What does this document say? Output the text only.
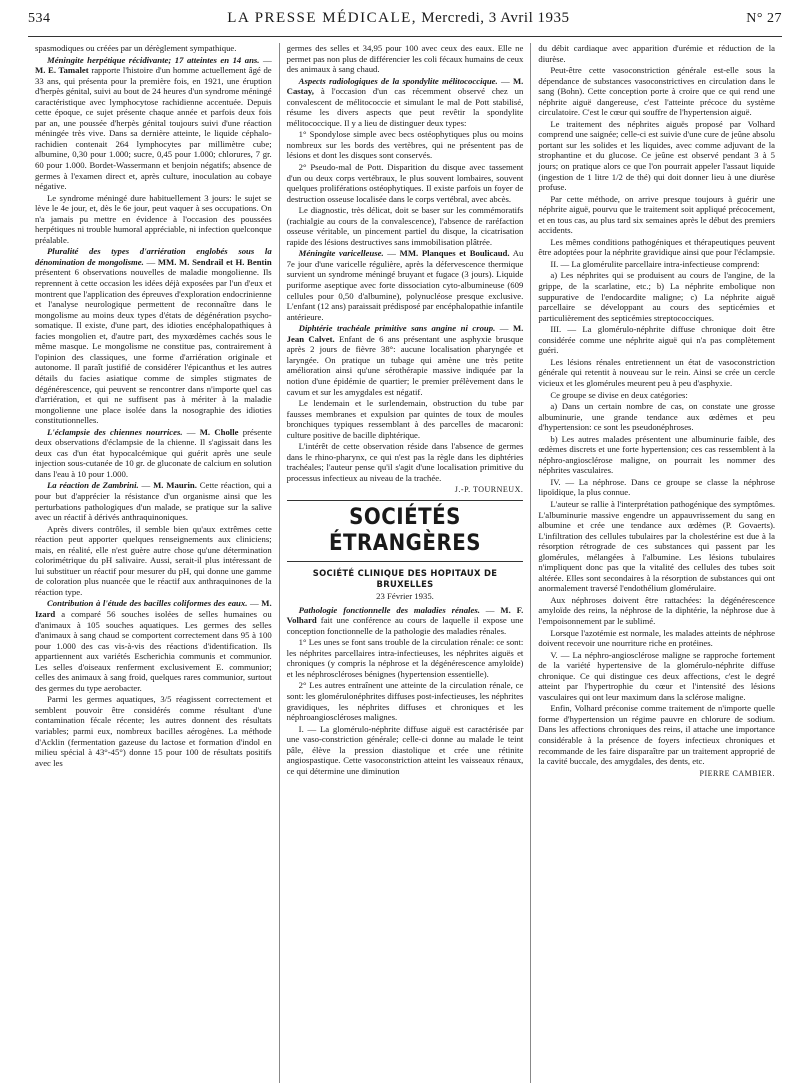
534	LA PRESSE MÉDICALE, Mercredi, 3 Avril 1935	N° 27

spasmodiques ou créées par un dérèglement sympathique.

Méningite herpétique récidivante; 17 atteintes en 14 ans. — M. E. Tamalet rapporte l'histoire d'un homme actuellement âgé de 33 ans, qui présenta pour la première fois, en 1921, une éruption d'herpès génital, suivi au bout de 24 heures d'un syndrome méningé caractéristique avec lymphocytose rachidienne accentuée. Depuis cette époque, ce sujet présente chaque année et parfois deux fois par an, une poussée d'herpès génital toujours suivi d'une réaction méningée très vive. Dans sa dernière atteinte, le liquide céphalo-rachidien contenait 264 lymphocytes par millimètre cube; albumine, 0,30 pour 1.000; sucre, 0,45 pour 1.000; chlorures, 7 gr. 60 pour 1.000. Bordet-Wassermann et benjoin négatifs; absence de germes à l'examen direct et, après culture, inoculation au cobaye négative.

Le syndrome méningé dure habituellement 3 jours: le sujet se lève le 4e jour, et, dès le 6e jour, peut vaquer à ses occupations. On n'a jamais pu mettre en évidence à l'occasion des poussées herpétiques ni trouble humoral appréciable, ni infection quelconque préalable.

Pluralité des types d'arriération englobés sous la dénomination de mongolisme. — MM. M. Sendrail et H. Bentin présentent 6 observations nouvelles de maladie mongolienne. Ils reprennent à cette occasion les idées déjà exposées par l'un d'eux et montrent que l'application des épreuves d'exploration endocrinienne et l'analyse neurologique permettent de reconnaître dans le mongolisme au moins deux types d'états de dégénération psycho-somatique. Il existe, d'une part, des idioties encéphalopathiques à facies mongolien et, d'autre part, des myxœdèmes cachés sous le même masque. Le mongolisme ne constitue pas, contrairement à l'opinion des classiques, une forme d'arriération originale et autonome. Il paraît justifié de considérer l'épicanthus et les autres détails du facies asiatique comme de simples stigmates de dégénérescence, qui peuvent se rencontrer dans n'importe quel cas d'arriération, et qui ne suffisent pas à mériter à la maladie mongolienne une place isolée dans la nosographie des idioties constitutionnelles.

L'éclampsie des chiennes nourrices. — M. Cholle présente deux observations d'éclampsie de la chienne. Il s'agissait dans les deux cas d'un état hypocalcémique qui guérit après une seule injection sous-cutanée de 10 gr. de gluconate de calcium en solution dans l'eau à 10 pour 1.000.

La réaction de Zambrini. — M. Maurin. Cette réaction, qui a pour but d'apprécier la résistance d'un organisme ainsi que les perturbations pathologiques d'un malade, se pratique sur la salive avec un réactif à dérivés anthraquinoniques.

Après divers contrôles, il semble bien qu'aux extrêmes cette réaction peut apporter quelques renseignements aux cliniciens; mais, en réalité, elle n'est guère autre chose qu'une détermination colorimétrique du pH salivaire. Aussi, serait-il plus intéressant de lui substituer un réactif pour mesurer du pH, qui donne une gamme de coloration plus nuancée que le réactif aux anthraquinones de la réaction type.

Contribution à l'étude des bacilles coliformes des eaux. — M. Izard a comparé 56 souches isolées de selles humaines ou d'animaux à 105 souches aquatiques. Les germes des selles d'animaux à sang chaud se comportent correctement dans 95 à 100 pour 1.000 des cas vis-à-vis des réactions d'identification. Ils appartiennent aux variétés Escherichia communis et communior. Les selles d'oiseaux renferment exclusivement E. communior; celles des animaux à sang froid, quelques rares communior, surtout des germes du type aerobacter.

Parmi les germes aquatiques, 3/5 réagissent correctement et semblent pouvoir être considérés comme résultant d'une contamination fécale récente; les autres donnent des résultats variables; parmi eux, nombreux bacilles aérogènes. La méthode d'Acklin (fermentation gazeuse du lactose et formation d'indol en milieu spécial à 43°-45°) donne 15 pour 100 de résultats positifs avec les

germes des selles et 34,95 pour 100 avec ceux des eaux. Elle ne permet pas non plus de différencier les coli fécaux humains de ceux des animaux à sang chaud.

Aspects radiologiques de la spondylite mélitococcique. — M. Castay, à l'occasion d'un cas récemment observé chez un convalescent de mélitococcie et simulant le mal de Pott stabilisé, résume les divers aspects que peut revêtir la spondylite mélitococcique. Il y a lieu de distinguer deux types:

1° Spondylose simple avec becs ostéophytiques plus ou moins nombreux sur les bords des vertèbres, qui ne présentent pas de lésions et dont les disques sont conservés.

2° Pseudo-mal de Pott. Disparition du disque avec tassement d'un ou deux corps vertébraux, le plus souvent lombaires, souvent quelques proliférations ostéophytiques. Il existe parfois un foyer de destruction osseuse localisée dans le corps vertébral, avec abcès.

Le diagnostic, très délicat, doit se baser sur les commémoratifs (rachialgie au cours de la convalescence), l'absence de raréfaction osseuse véritable, un pincement partiel du disque, la cicatrisation rapide des lésions destructives sans immobilisation plâtrée.

Méningite varicelleuse. — MM. Planques et Boulicaud. Au 7e jour d'une varicelle régulière, après la défervescence thermique survient un syndrome méningé bruyant et fugace (3 jours). Liquide puriforme aseptique avec forte dissociation cyto-albumineuse (609 cellules pour 0,50 d'albumine), polynucléose presque exclusive. L'enfant (12 ans) paraissait prédisposé par encéphalopathie infantile antérieure.

Diphtérie trachéale primitive sans angine ni croup. — M. Jean Calvet. Enfant de 6 ans présentant une asphyxie brusque après 2 jours de fièvre 38°: aucune localisation pharyngée et laryngée. On pratique un tubage qui amène une très petite amélioration ainsi qu'une sérothérapie massive indiquée par la notion d'une épidémie de quartier; le premier prélèvement dans le cavum et sur les amygdales est négatif.

Le lendemain et le surlendemain, obstruction du tube par fausses membranes et expulsion par quintes de toux de moules bronchiques typiques ressemblant à des parcelles de macaroni: culture positive de bacille diphtérique.

L'intérêt de cette observation réside dans l'absence de germes dans le rhino-pharynx, ce qui n'est pas la règle dans les diphtéries trachéales; l'auteur pense qu'il s'agit d'une localisation primitive du processus infectieux au niveau de la trachée.

J.-P. TOURNEUX.
SOCIÉTÉS ÉTRANGÈRES
SOCIÉTÉ CLINIQUE DES HOPITAUX DE BRUXELLES
23 Février 1935.

Pathologie fonctionnelle des maladies rénales. — M. F. Volhard fait une conférence au cours de laquelle il expose une conception fonctionnelle de la pathologie des maladies rénales.

1° Les unes se font sans trouble de la circulation rénale: ce sont: les néphrites parcellaires intra-infectieuses, les néphrites aiguës et chroniques (y compris la néphrose et la dégénérescence amyloïde) et les néphroscléroses bénignes (hypertension essentielle).

2° Les autres entraînent une atteinte de la circulation rénale, ce sont: les glomérulonéphrites diffuses post-infectieuses, les néphrites gravidiques, les néphrites diffuses et chroniques et les néphroangioscléroses malignes.

I. — La glomérulo-néphrite diffuse aiguë est caractérisée par une vaso-constriction générale; celle-ci donne au malade le teint pâle, élève la pression diastolique et crée une rétinite angiospastique. Cette vasoconstriction atteint les vaisseaux rénaux, ce qui détermine une diminution

du débit cardiaque avec apparition d'urémie et réduction de la diurèse.

Peut-être cette vasoconstriction générale est-elle sous la dépendance de substances vasoconstrictives en circulation dans le sang (Bohn). Cette conception porte à croire que ce qui rend une néphrite aiguë dangereuse, c'est l'atteinte précoce du système circulatoire. C'est le cœur qui souffre de l'hypertension aiguë.

Le traitement des néphrites aiguës proposé par Volhard comprend une saignée; celle-ci est suivie d'une cure de jeûne absolu portant sur les solides et les liquides, avec comme adjuvant de la strophantine et du glucose. Ce jeûne est observé pendant 3 à 5 jours; on pratique alors ce que l'on pourrait appeler l'assaut liquide (ingestion de 1 litre 1/2 de thé) qui doit donner lieu à une diurèse profuse.

Par cette méthode, on arrive presque toujours à guérir une néphrite aiguë, pourvu que le traitement soit appliqué précocement, et en tous cas, au plus tard six semaines après le début des premiers accidents.

Les mêmes conditions pathogéniques et thérapeutiques peuvent être adoptées pour la néphrite gravidique ainsi que pour l'éclampsie.

II. — La glomérulite parcellaire intra-infectieuse comprend:

a) Les néphrites qui se produisent au cours de l'angine, de la grippe, de la scarlatine, etc.; b) La néphrite embolique non suppurative de l'endocardite maligne; c) La néphrite aiguë parcellaire se développant au cours des septicémies et particulièrement des septicémies streptococciques.

III. — La glomérulo-néphrite diffuse chronique doit être considérée comme une néphrite aiguë qui n'a pas complètement guéri.

Les lésions rénales entretiennent un état de vasoconstriction générale qui retentit à nouveau sur le rein. Ainsi se crée un cercle vicieux et les glomérules meurent peu à peu d'asphyxie.

Ce groupe se divise en deux catégories:

a) Dans un certain nombre de cas, on constate une grosse albuminurie, une grande tendance aux œdèmes et peu d'hypertension: ce sont les pseudonéphroses.

b) Les autres malades présentent une albuminurie faible, des œdèmes discrets et une forte hypertension; ces cas ressemblent à la néphro-angiosclérose maligne, on pourrait les nommer des néphrites vasculaires.

IV. — La néphrose. Dans ce groupe se classe la néphrose lipoïdique, la plus connue.

L'auteur se rallie à l'interprétation pathogénique des symptômes. L'albuminurie massive engendre un appauvrissement du sang en albumine et crée une tendance aux œdèmes (P. Govaerts). L'infiltration des cellules tubulaires par la cholestérine est due à la résorption rétrograde de ces substances qui passent par les glomérules, mélangées à l'albumine. Les lésions tubulaires n'impliquent donc pas que la vitalité des cellules des tubes soit altérée. Elles sont secondaires à la résorption de substances qui ont anormalement traversé l'endothélium glomérulaire.

Aux néphroses doivent être rattachées: la dégénérescence amyloïde des reins, la néphrose de la diphtérie, la néphrose due à l'empoisonnement par le sublimé.

Lorsque l'azotémie est normale, les malades atteints de néphrose doivent recevoir une nourriture riche en protéines.

V. — La néphro-angiosclérose maligne se rapproche fortement de la variété hypertensive de la glomérulo-néphrite diffuse chronique. Ce qui distingue ces deux affections, c'est le degré atteint par l'hypertrophie du cœur et l'intensité des lésions vasculaires qui ont leur maximum dans la sclérose maligne.

Enfin, Volhard préconise comme traitement de n'importe quelle forme d'hypertension un régime pauvre en chlorure de sodium. Dans les affections chroniques des reins, il attache une importance considérable à la présence de foyers infectieux chroniques et recommande de les faire disparaître par un traitement approprié de la cavité buccale, des amygdales, des dents, etc.

PIERRE CAMBIER.
